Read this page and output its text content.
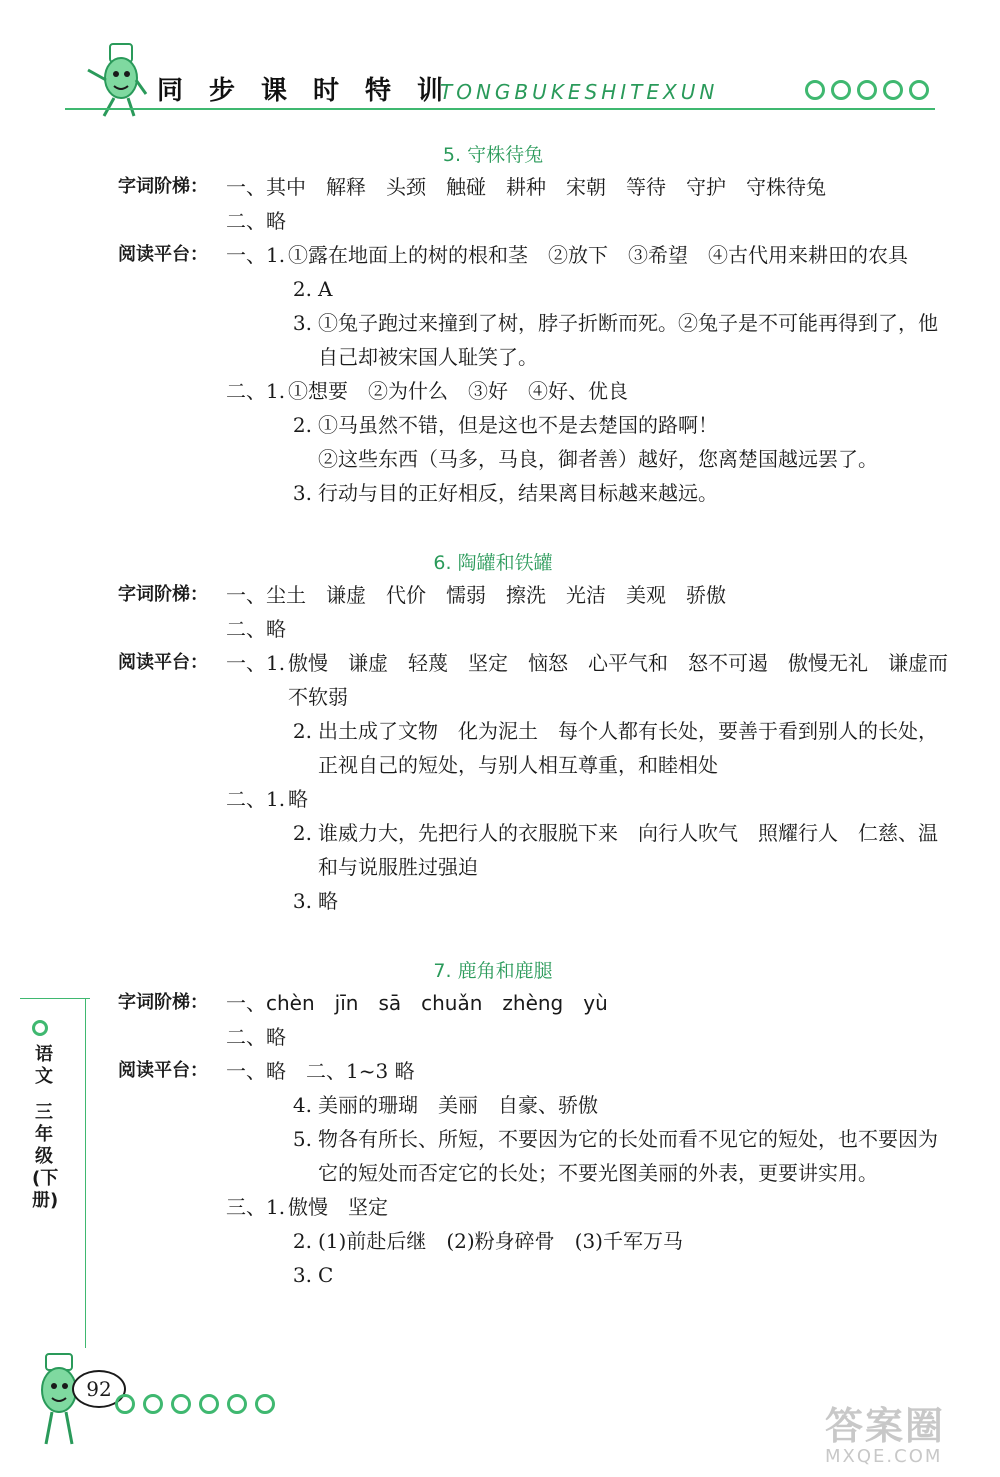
同 步 课 时 特 训
TONGBUKESHITEXUN
5. 守株待兔
字词阶梯： 一、其中　解释　头颈　触碰　耕种　宋朝　等待　守护　守株待兔
二、略
阅读平台： 一、1. ①露在地面上的树的根和茎　②放下　③希望　④古代用来耕田的农具
2. A
3. ①兔子跑过来撞到了树，脖子折断而死。②兔子是不可能再得到了，他自己却被宋国人耻笑了。
二、1. ①想要　②为什么　③好　④好、优良
2. ①马虽然不错，但是这也不是去楚国的路啊！
②这些东西（马多，马良，御者善）越好，您离楚国越远罢了。
3. 行动与目的正好相反，结果离目标越来越远。
6. 陶罐和铁罐
字词阶梯： 一、尘土　谦虚　代价　懦弱　擦洗　光洁　美观　骄傲
二、略
阅读平台： 一、1. 傲慢　谦虚　轻蔑　坚定　恼怒　心平气和　怒不可遏　傲慢无礼　谦虚而不软弱
2. 出土成了文物　化为泥土　每个人都有长处，要善于看到别人的长处，正视自己的短处，与别人相互尊重，和睦相处
二、1. 略
2. 谁威力大，先把行人的衣服脱下来　向行人吹气　照耀行人　仁慈、温和与说服胜过强迫
3. 略
7. 鹿角和鹿腿
字词阶梯： 一、chèn　jīn　sā　chuǎn　zhèng　yù
二、略
阅读平台： 一、略　二、1~3 略
4. 美丽的珊瑚　美丽　自豪、骄傲
5. 物各有所长、所短，不要因为它的长处而看不见它的短处，也不要因为它的短处而否定它的长处；不要光图美丽的外表，更要讲实用。
三、1. 傲慢　坚定
2. (1)前赴后继　(2)粉身碎骨　(3)千军万马
3. C
语文
三年级
(下册)
92
答案圈
MXQE.COM
